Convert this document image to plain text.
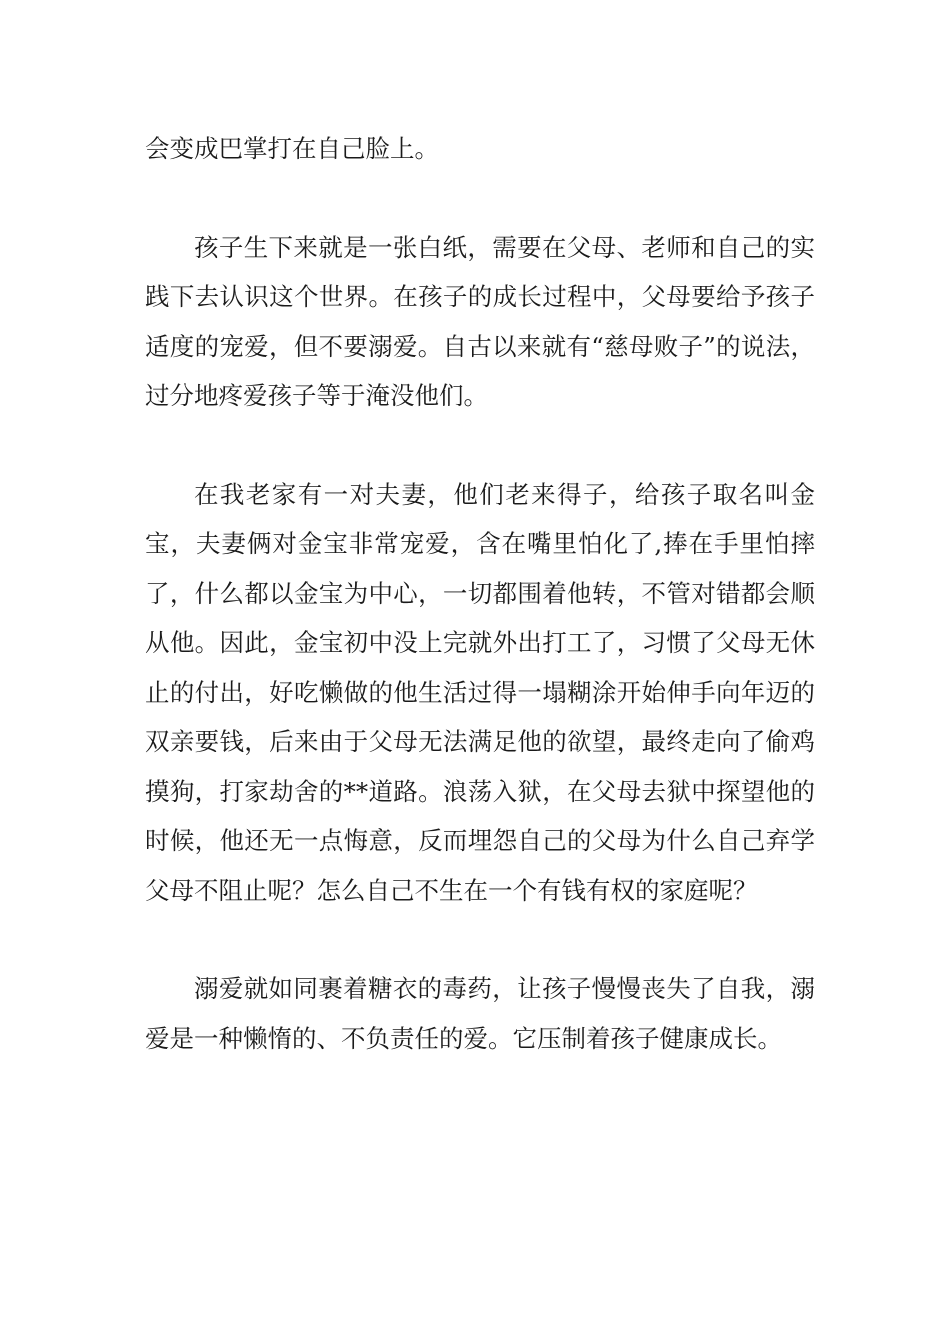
会变成巴掌打在自己脸上。

孩子生下来就是一张白纸，需要在父母、老师和自己的实践下去认识这个世界。在孩子的成长过程中，父母要给予孩子适度的宠爱，但不要溺爱。自古以来就有“慈母败子”的说法，过分地疼爱孩子等于淹没他们。

在我老家有一对夫妻，他们老来得子，给孩子取名叫金宝，夫妻俩对金宝非常宠爱，含在嘴里怕化了,捧在手里怕摔了，什么都以金宝为中心，一切都围着他转，不管对错都会顺从他。因此，金宝初中没上完就外出打工了，习惯了父母无休止的付出，好吃懒做的他生活过得一塌糊涂开始伸手向年迈的双亲要钱，后来由于父母无法满足他的欲望，最终走向了偷鸡摸狗，打家劫舍的**道路。浪荡入狱，在父母去狱中探望他的时候，他还无一点悔意，反而埋怨自己的父母为什么自己弃学父母不阻止呢？怎么自己不生在一个有钱有权的家庭呢？

溺爱就如同裹着糖衣的毒药，让孩子慢慢丧失了自我，溺爱是一种懒惰的、不负责任的爱。它压制着孩子健康成长。
